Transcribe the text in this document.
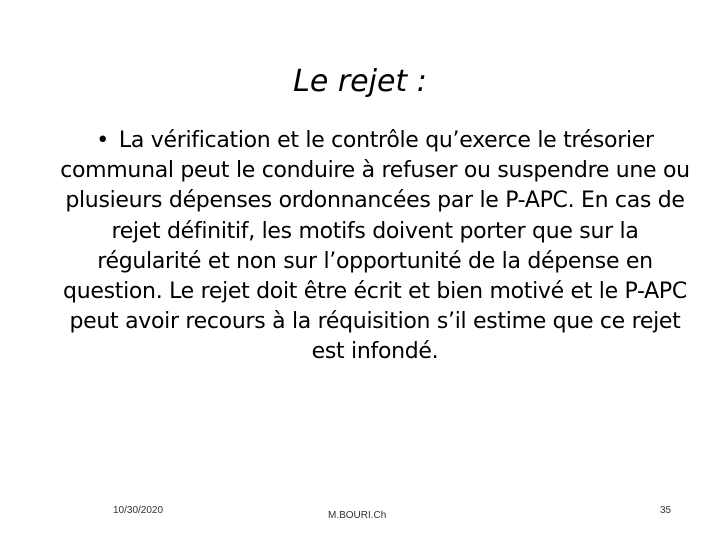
Le rejet :

• La vérification et le contrôle qu’exerce le trésorier communal peut le conduire à refuser ou suspendre une ou plusieurs dépenses ordonnancées par le P-APC. En cas de rejet définitif, les motifs doivent porter que sur la régularité et non sur l’opportunité de la dépense en question. Le rejet doit être écrit et bien motivé et le P-APC peut avoir recours à la réquisition s’il estime que ce rejet est infondé.

10/30/2020	M.BOURI.Ch	35
